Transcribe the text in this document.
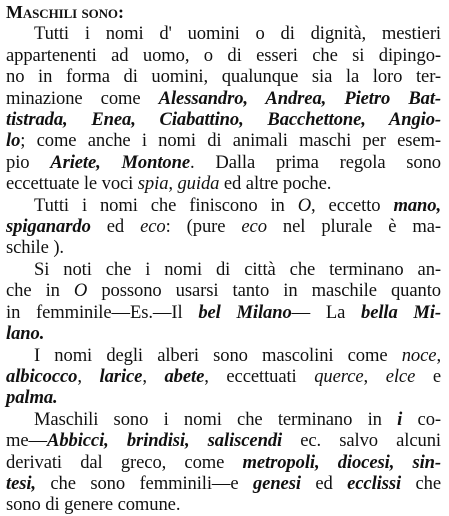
Maschili sono:
Tutti i nomi d' uomini o di dignità, mestieri
appartenenti ad uomo, o di esseri che si dipingo-
no in forma di uomini, qualunque sia la loro ter-
minazione come Alessandro, Andrea, Pietro Bat-
tistrada, Enea, Ciabattino, Bacchettone, Angio-
lo; come anche i nomi di animali maschi per esem-
pio Ariete, Montone. Dalla prima regola sono
eccettuate le voci spia, guida ed altre poche.
Tutti i nomi che finiscono in O, eccetto mano,
spiganardo ed eco: (pure eco nel plurale è ma-
schile ).
Si noti che i nomi di città che terminano an-
che in O possono usarsi tanto in maschile quanto
in femminile—Es.—Il bel Milano— La bella Mi-
lano.
I nomi degli alberi sono mascolini come noce,
albicocco, larice, abete, eccettuati querce, elce e
palma.
Maschili sono i nomi che terminano in i co-
me—Abbicci, brindisi, saliscendi ec. salvo alcuni
derivati dal greco, come metropoli, diocesi, sin-
tesi, che sono femminili—e genesi ed ecclissi che
sono di genere comune.
